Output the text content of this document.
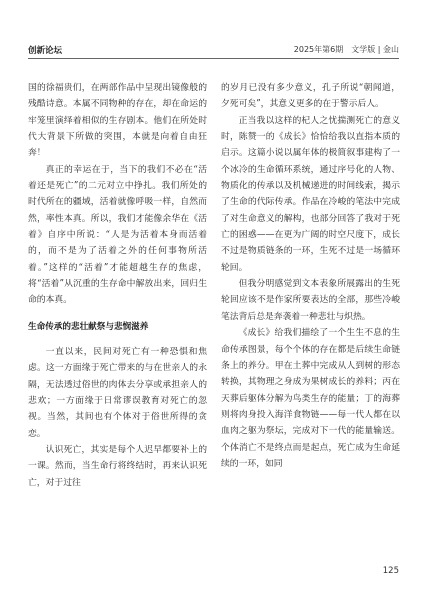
创新论坛	2025年第6期　文学版 | 金山

国的徐福贵们，在两部作品中呈现出镜像般的残酷诗意。本属不同物种的存在，却在命运的牢笼里演绎着相似的生存剧本。他们在所处时代大背景下所做的突围，本就是向着自由狂奔！

真正的幸运在于，当下的我们不必在“活着还是死亡”的二元对立中挣扎。我们所处的时代所在的疆域，活着就像呼吸一样，自然而然，率性本真。所以，我们才能像余华在《活着》自序中所说：“人是为活着本身而活着的，而不是为了活着之外的任何事物所活着。”这样的“活着”才能超越生存的焦虑，将“活着”从沉重的生存命中解放出来，回归生命的本真。

生命传承的悲壮献祭与悲悯滋养

一直以来，民间对死亡有一种恐惧和焦虑。这一方面缘于死亡带来的与在世亲人的永隔，无法透过俗世的肉体去分享或承担亲人的悲欢；一方面缘于日常谬误教育对死亡的忽视。当然，其间也有个体对于俗世所得的贪恋。

认识死亡，其实是每个人迟早都要补上的一课。然而，当生命行将终结时，再来认识死亡，对于过往

的岁月已没有多少意义，孔子所说“朝闻道，夕死可矣”，其意义更多的在于警示后人。

正当我以这样的杞人之忧揣测死亡的意义时，陈赞一的《成长》恰恰给我以直指本质的启示。这篇小说以属年体的极简叙事建构了一个冰冷的生命循环系统，通过序号化的人物、物质化的传承以及机械递进的时间线索，揭示了生命的代际传承。作品在冷峻的笔法中完成了对生命意义的解构，也部分回答了我对于死亡的困惑——在更为广阔的时空尺度下，成长不过是物质链条的一环，生死不过是一场循环轮回。

但我分明感觉到文本表象所展露出的生死轮回应该不是作家所要表达的全部，那些冷峻笔法背后总是奔袭着一种悲壮与炽热。

《成长》给我们描绘了一个生生不息的生命传承图景，每个个体的存在都是后续生命链条上的养分。甲在土葬中完成从人到树的形态转换，其物理之身成为果树成长的养料；丙在天葬后躯体分解为鸟类生存的能量；丁的海葬则将肉身投入海洋食物链——每一代人都在以血肉之躯为祭坛，完成对下一代的能量输送。个体消亡不是终点而是起点，死亡成为生命延续的一环，如同

125
